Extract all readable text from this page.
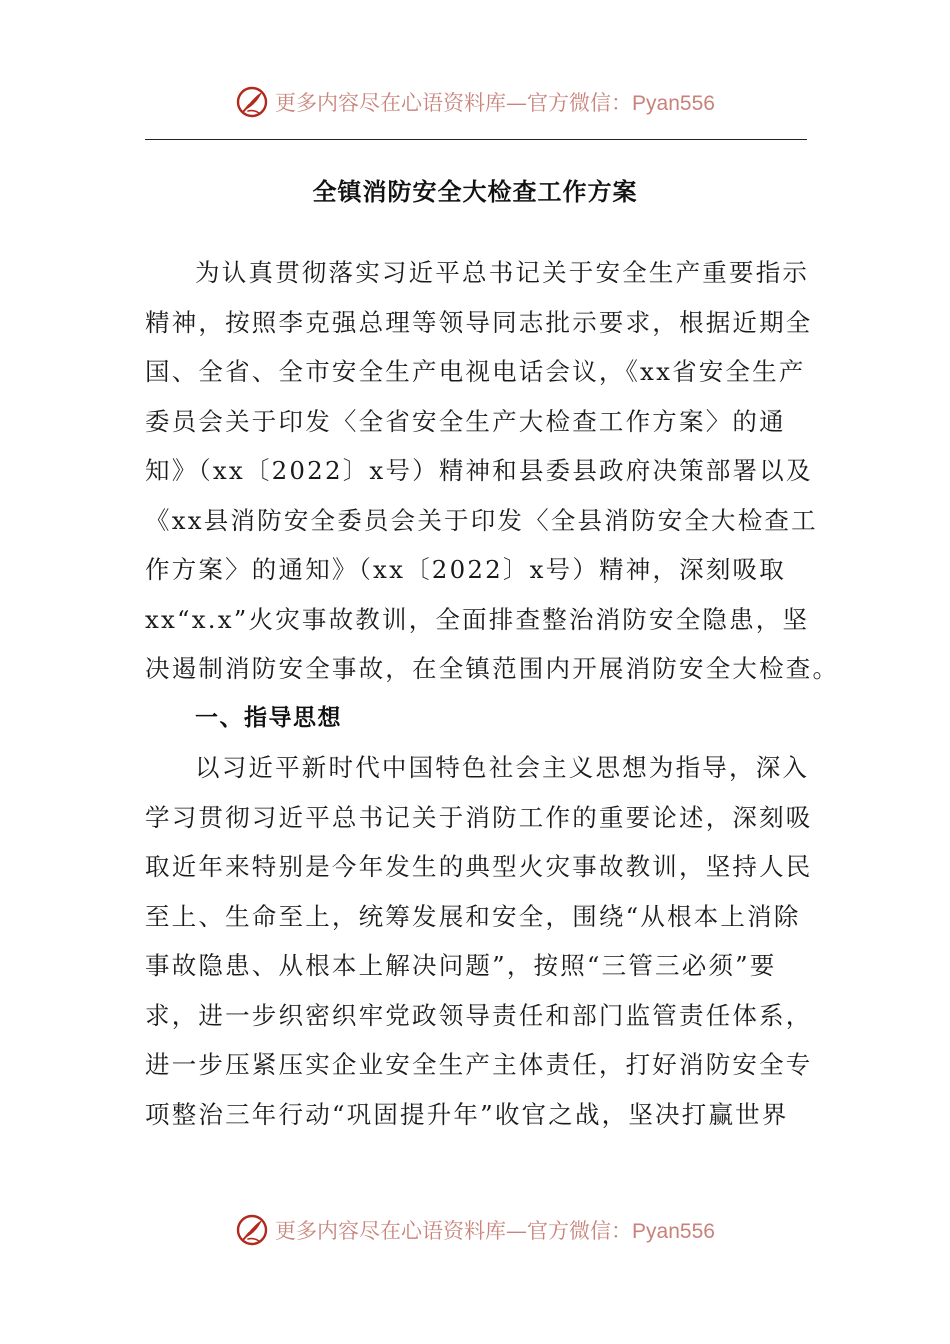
更多内容尽在心语资料库—官方微信：Pyan556
全镇消防安全大检查工作方案
为认真贯彻落实习近平总书记关于安全生产重要指示
精神，按照李克强总理等领导同志批示要求，根据近期全
国、全省、全市安全生产电视电话会议，《xx省安全生产
委员会关于印发〈全省安全生产大检查工作方案〉的通
知》（xx〔2022〕x号）精神和县委县政府决策部署以及
《xx县消防安全委员会关于印发〈全县消防安全大检查工
作方案〉的通知》（xx〔2022〕x号）精神，深刻吸取
xx“x.x”火灾事故教训，全面排查整治消防安全隐患，坚
决遏制消防安全事故，在全镇范围内开展消防安全大检查。
一、指导思想
以习近平新时代中国特色社会主义思想为指导，深入
学习贯彻习近平总书记关于消防工作的重要论述，深刻吸
取近年来特别是今年发生的典型火灾事故教训，坚持人民
至上、生命至上，统筹发展和安全，围绕“从根本上消除
事故隐患、从根本上解决问题”，按照“三管三必须”要
求，进一步织密织牢党政领导责任和部门监管责任体系，
进一步压紧压实企业安全生产主体责任，打好消防安全专
项整治三年行动“巩固提升年”收官之战，坚决打赢世界
更多内容尽在心语资料库—官方微信：Pyan556
